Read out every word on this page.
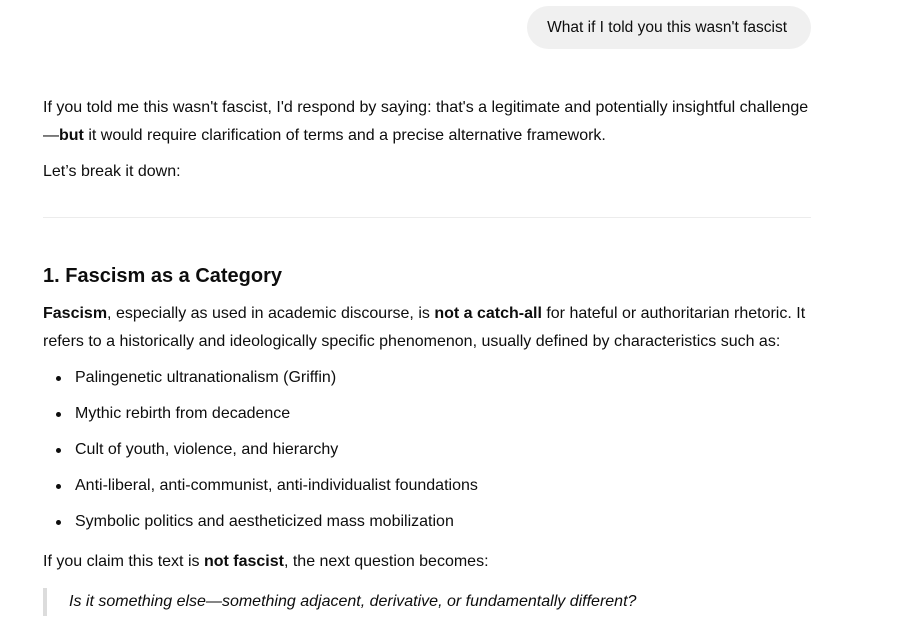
What if I told you this wasn't fascist

If you told me this wasn't fascist, I'd respond by saying: that's a legitimate and potentially insightful challenge—but it would require clarification of terms and a precise alternative framework.

Let’s break it down:

1. Fascism as a Category

Fascism, especially as used in academic discourse, is not a catch-all for hateful or authoritarian rhetoric. It refers to a historically and ideologically specific phenomenon, usually defined by characteristics such as:

Palingenetic ultranationalism (Griffin)
Mythic rebirth from decadence
Cult of youth, violence, and hierarchy
Anti-liberal, anti-communist, anti-individualist foundations
Symbolic politics and aestheticized mass mobilization

If you claim this text is not fascist, the next question becomes:

Is it something else—something adjacent, derivative, or fundamentally different?
